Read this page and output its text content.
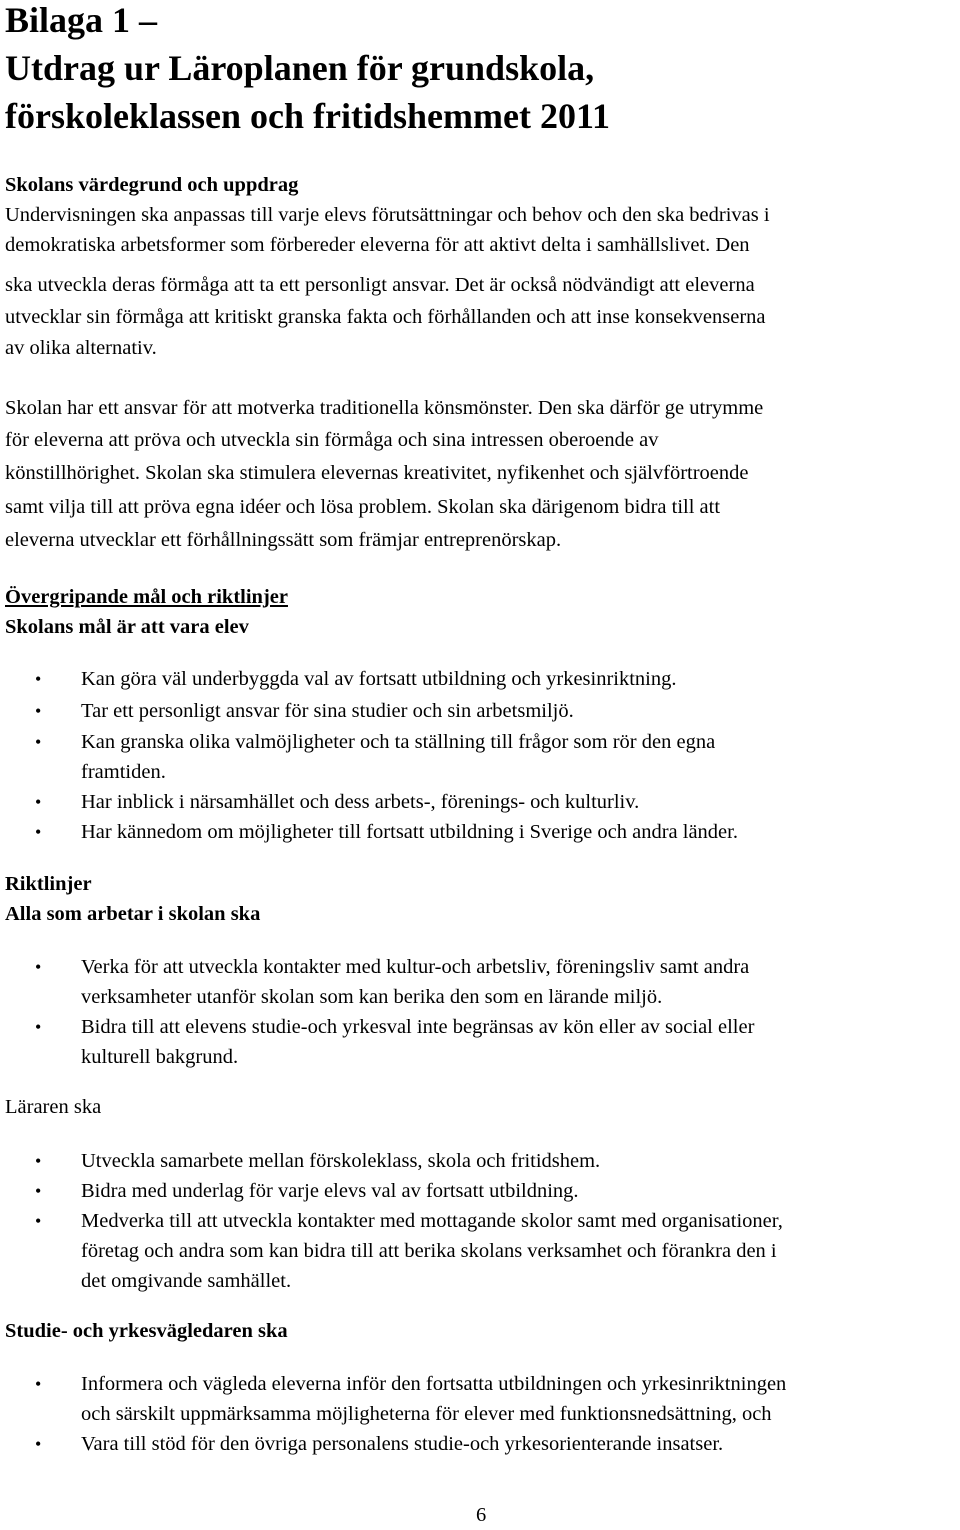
Bilaga 1 –
Utdrag ur Läroplanen för grundskola,
förskoleklassen och fritidshemmet 2011
Skolans värdegrund och uppdrag
Undervisningen ska anpassas till varje elevs förutsättningar och behov och den ska bedrivas i
demokratiska arbetsformer som förbereder eleverna för att aktivt delta i samhällslivet. Den
ska utveckla deras förmåga att ta ett personligt ansvar. Det är också nödvändigt att eleverna
utvecklar sin förmåga att kritiskt granska fakta och förhållanden och att inse konsekvenserna
av olika alternativ.
Skolan har ett ansvar för att motverka traditionella könsmönster. Den ska därför ge utrymme
för eleverna att pröva och utveckla sin förmåga och sina intressen oberoende av
könstillhörighet. Skolan ska stimulera elevernas kreativitet, nyfikenhet och självförtroende
samt vilja till att pröva egna idéer och lösa problem. Skolan ska därigenom bidra till att
eleverna utvecklar ett förhållningssätt som främjar entreprenörskap.
Övergripande mål och riktlinjer
Skolans mål är att vara elev
• Kan göra väl underbyggda val av fortsatt utbildning och yrkesinriktning.
• Tar ett personligt ansvar för sina studier och sin arbetsmiljö.
• Kan granska olika valmöjligheter och ta ställning till frågor som rör den egna
framtiden.
• Har inblick i närsamhället och dess arbets-, förenings- och kulturliv.
• Har kännedom om möjligheter till fortsatt utbildning i Sverige och andra länder.
Riktlinjer
Alla som arbetar i skolan ska
• Verka för att utveckla kontakter med kultur-och arbetsliv, föreningsliv samt andra
verksamheter utanför skolan som kan berika den som en lärande miljö.
• Bidra till att elevens studie-och yrkesval inte begränsas av kön eller av social eller
kulturell bakgrund.
Läraren ska
• Utveckla samarbete mellan förskoleklass, skola och fritidshem.
• Bidra med underlag för varje elevs val av fortsatt utbildning.
• Medverka till att utveckla kontakter med mottagande skolor samt med organisationer,
företag och andra som kan bidra till att berika skolans verksamhet och förankra den i
det omgivande samhället.
Studie- och yrkesvägledaren ska
• Informera och vägleda eleverna inför den fortsatta utbildningen och yrkesinriktningen
och särskilt uppmärksamma möjligheterna för elever med funktionsnedsättning, och
• Vara till stöd för den övriga personalens studie-och yrkesorienterande insatser.
6
